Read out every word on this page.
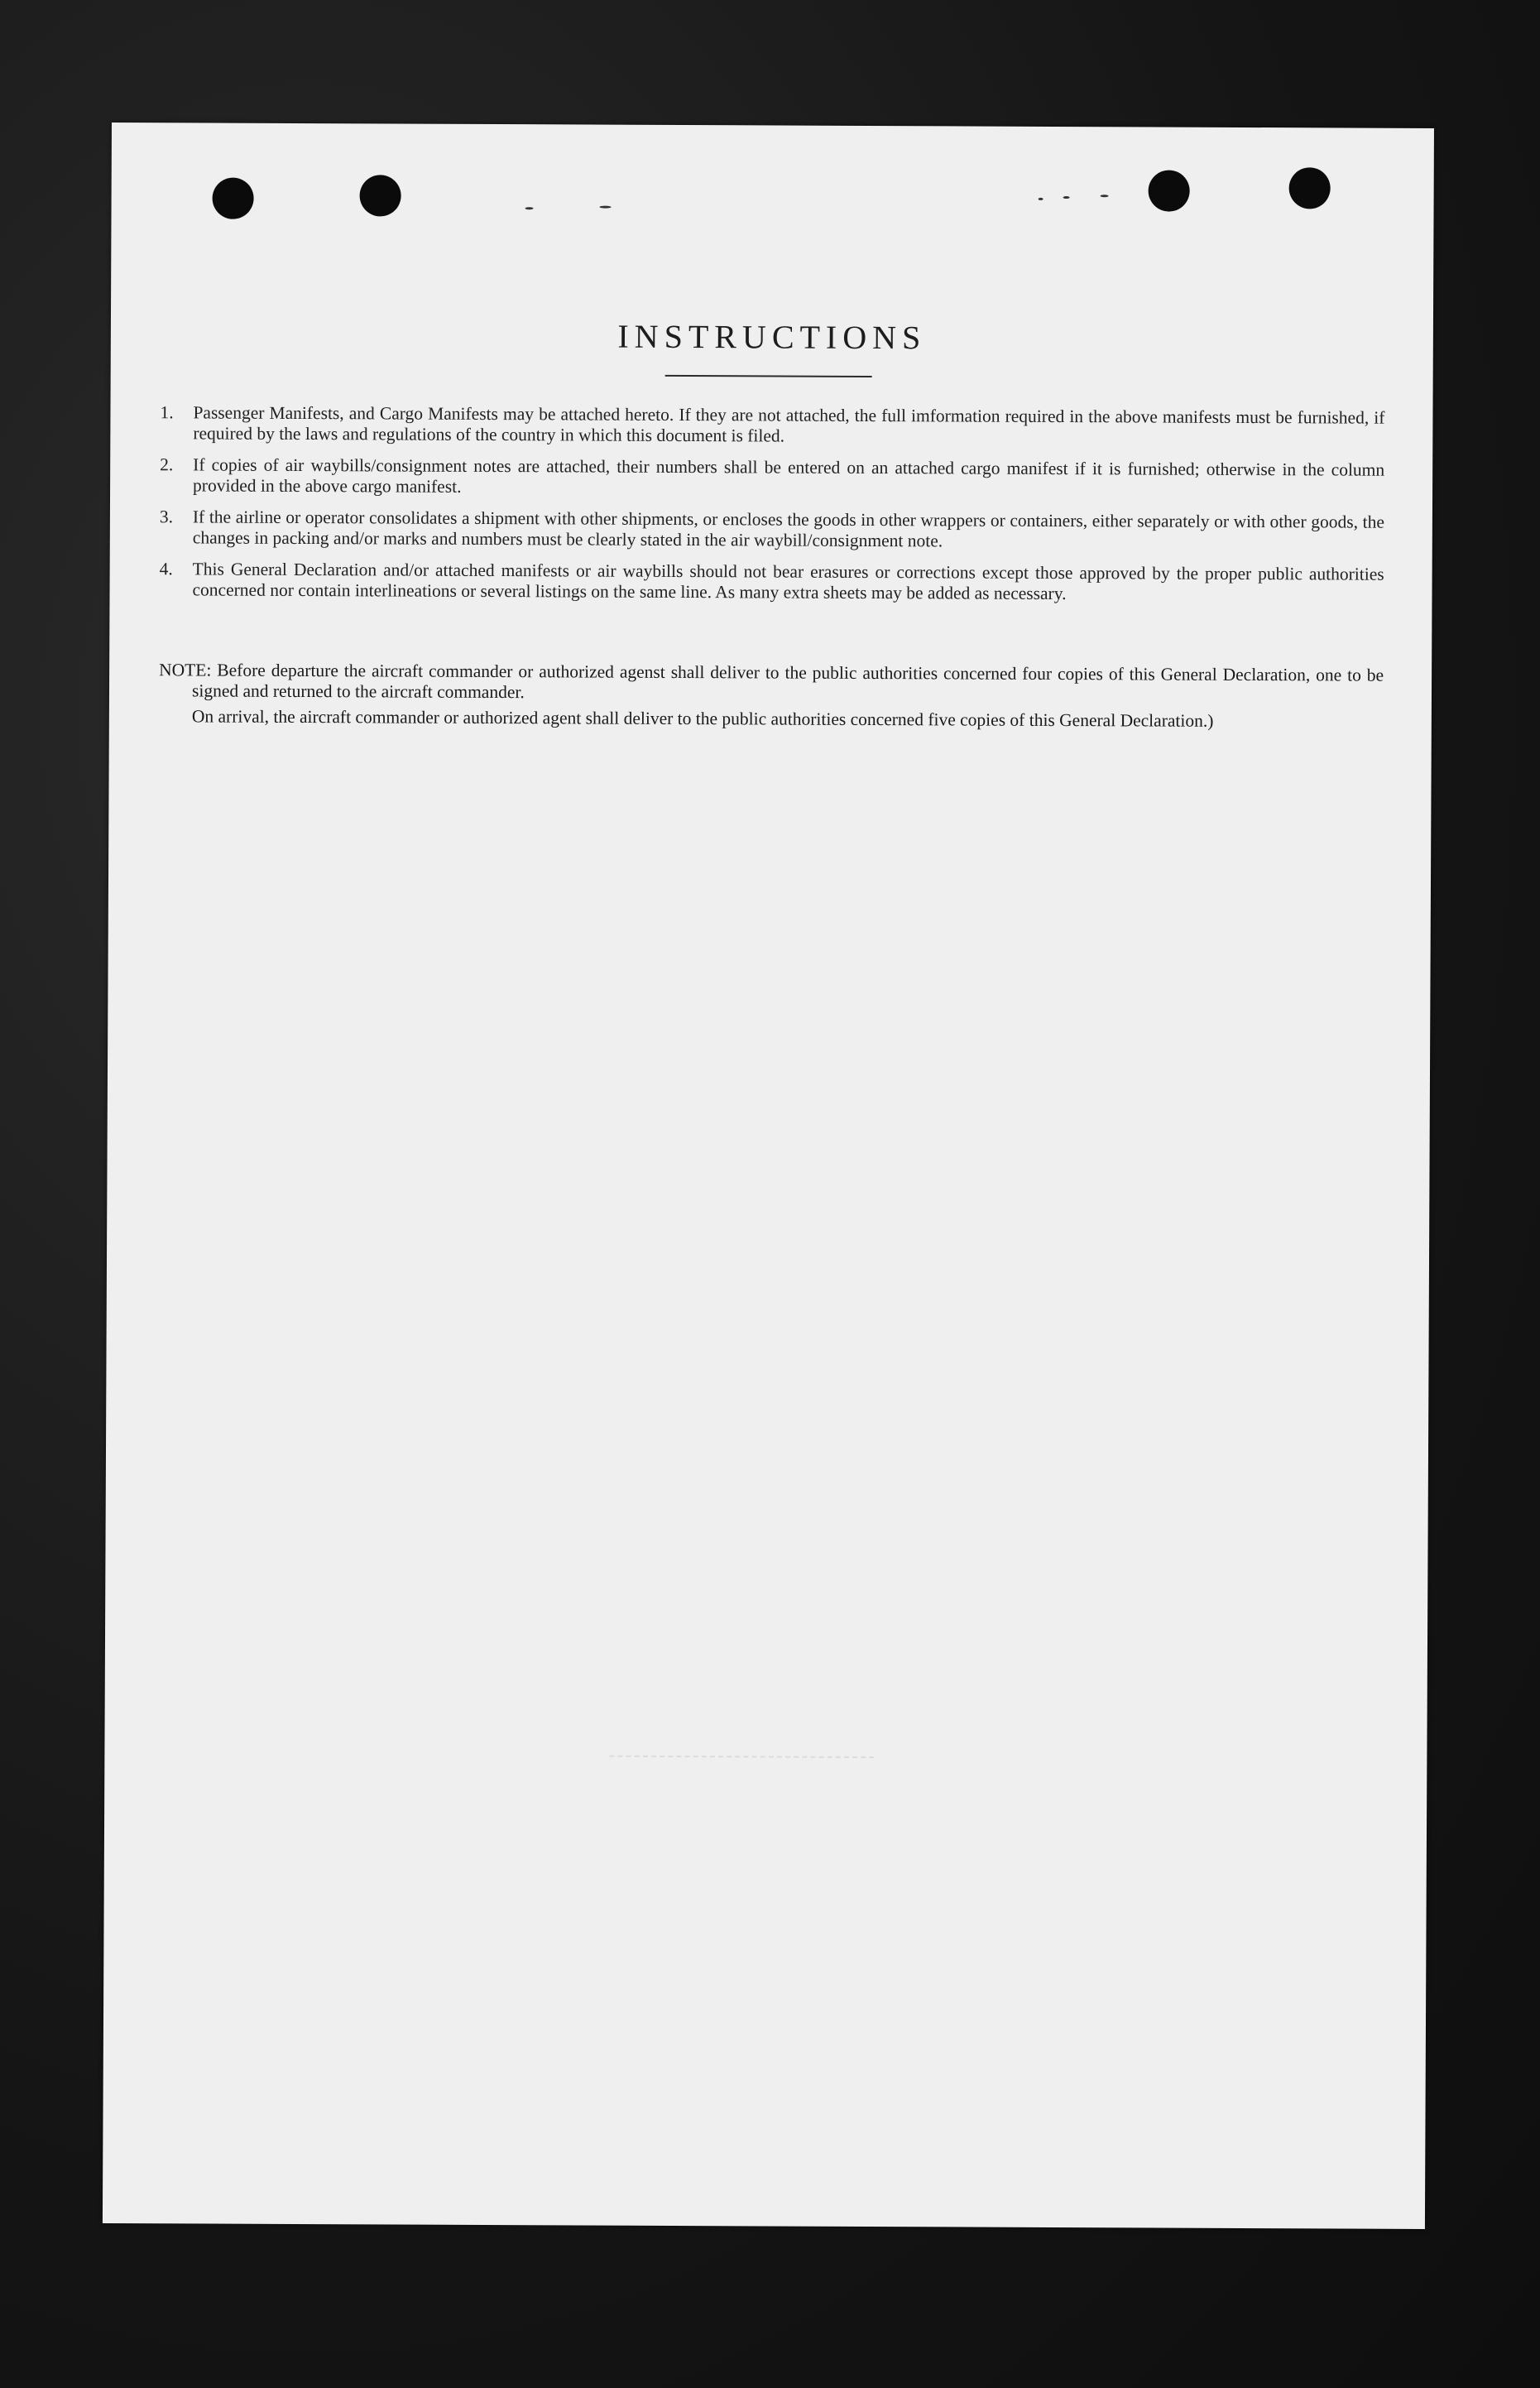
INSTRUCTIONS
1. Passenger Manifests, and Cargo Manifests may be attached hereto. If they are not attached, the full imformation required in the above manifests must be furnished, if required by the laws and regulations of the country in which this document is filed.
2. If copies of air waybills/consignment notes are attached, their numbers shall be entered on an attached cargo manifest if it is furnished; otherwise in the column provided in the above cargo manifest.
3. If the airline or operator consolidates a shipment with other shipments, or encloses the goods in other wrappers or containers, either separately or with other goods, the changes in packing and/or marks and numbers must be clearly stated in the air waybill/consignment note.
4. This General Declaration and/or attached manifests or air waybills should not bear erasures or corrections except those approved by the proper public authorities concerned nor contain interlineations or several listings on the same line. As many extra sheets may be added as necessary.

NOTE: Before departure the aircraft commander or authorized agenst shall deliver to the public authorities concerned four copies of this General Declaration, one to be signed and returned to the aircraft commander.

On arrival, the aircraft commander or authorized agent shall deliver to the public authorities concerned five copies of this General Declaration.)
